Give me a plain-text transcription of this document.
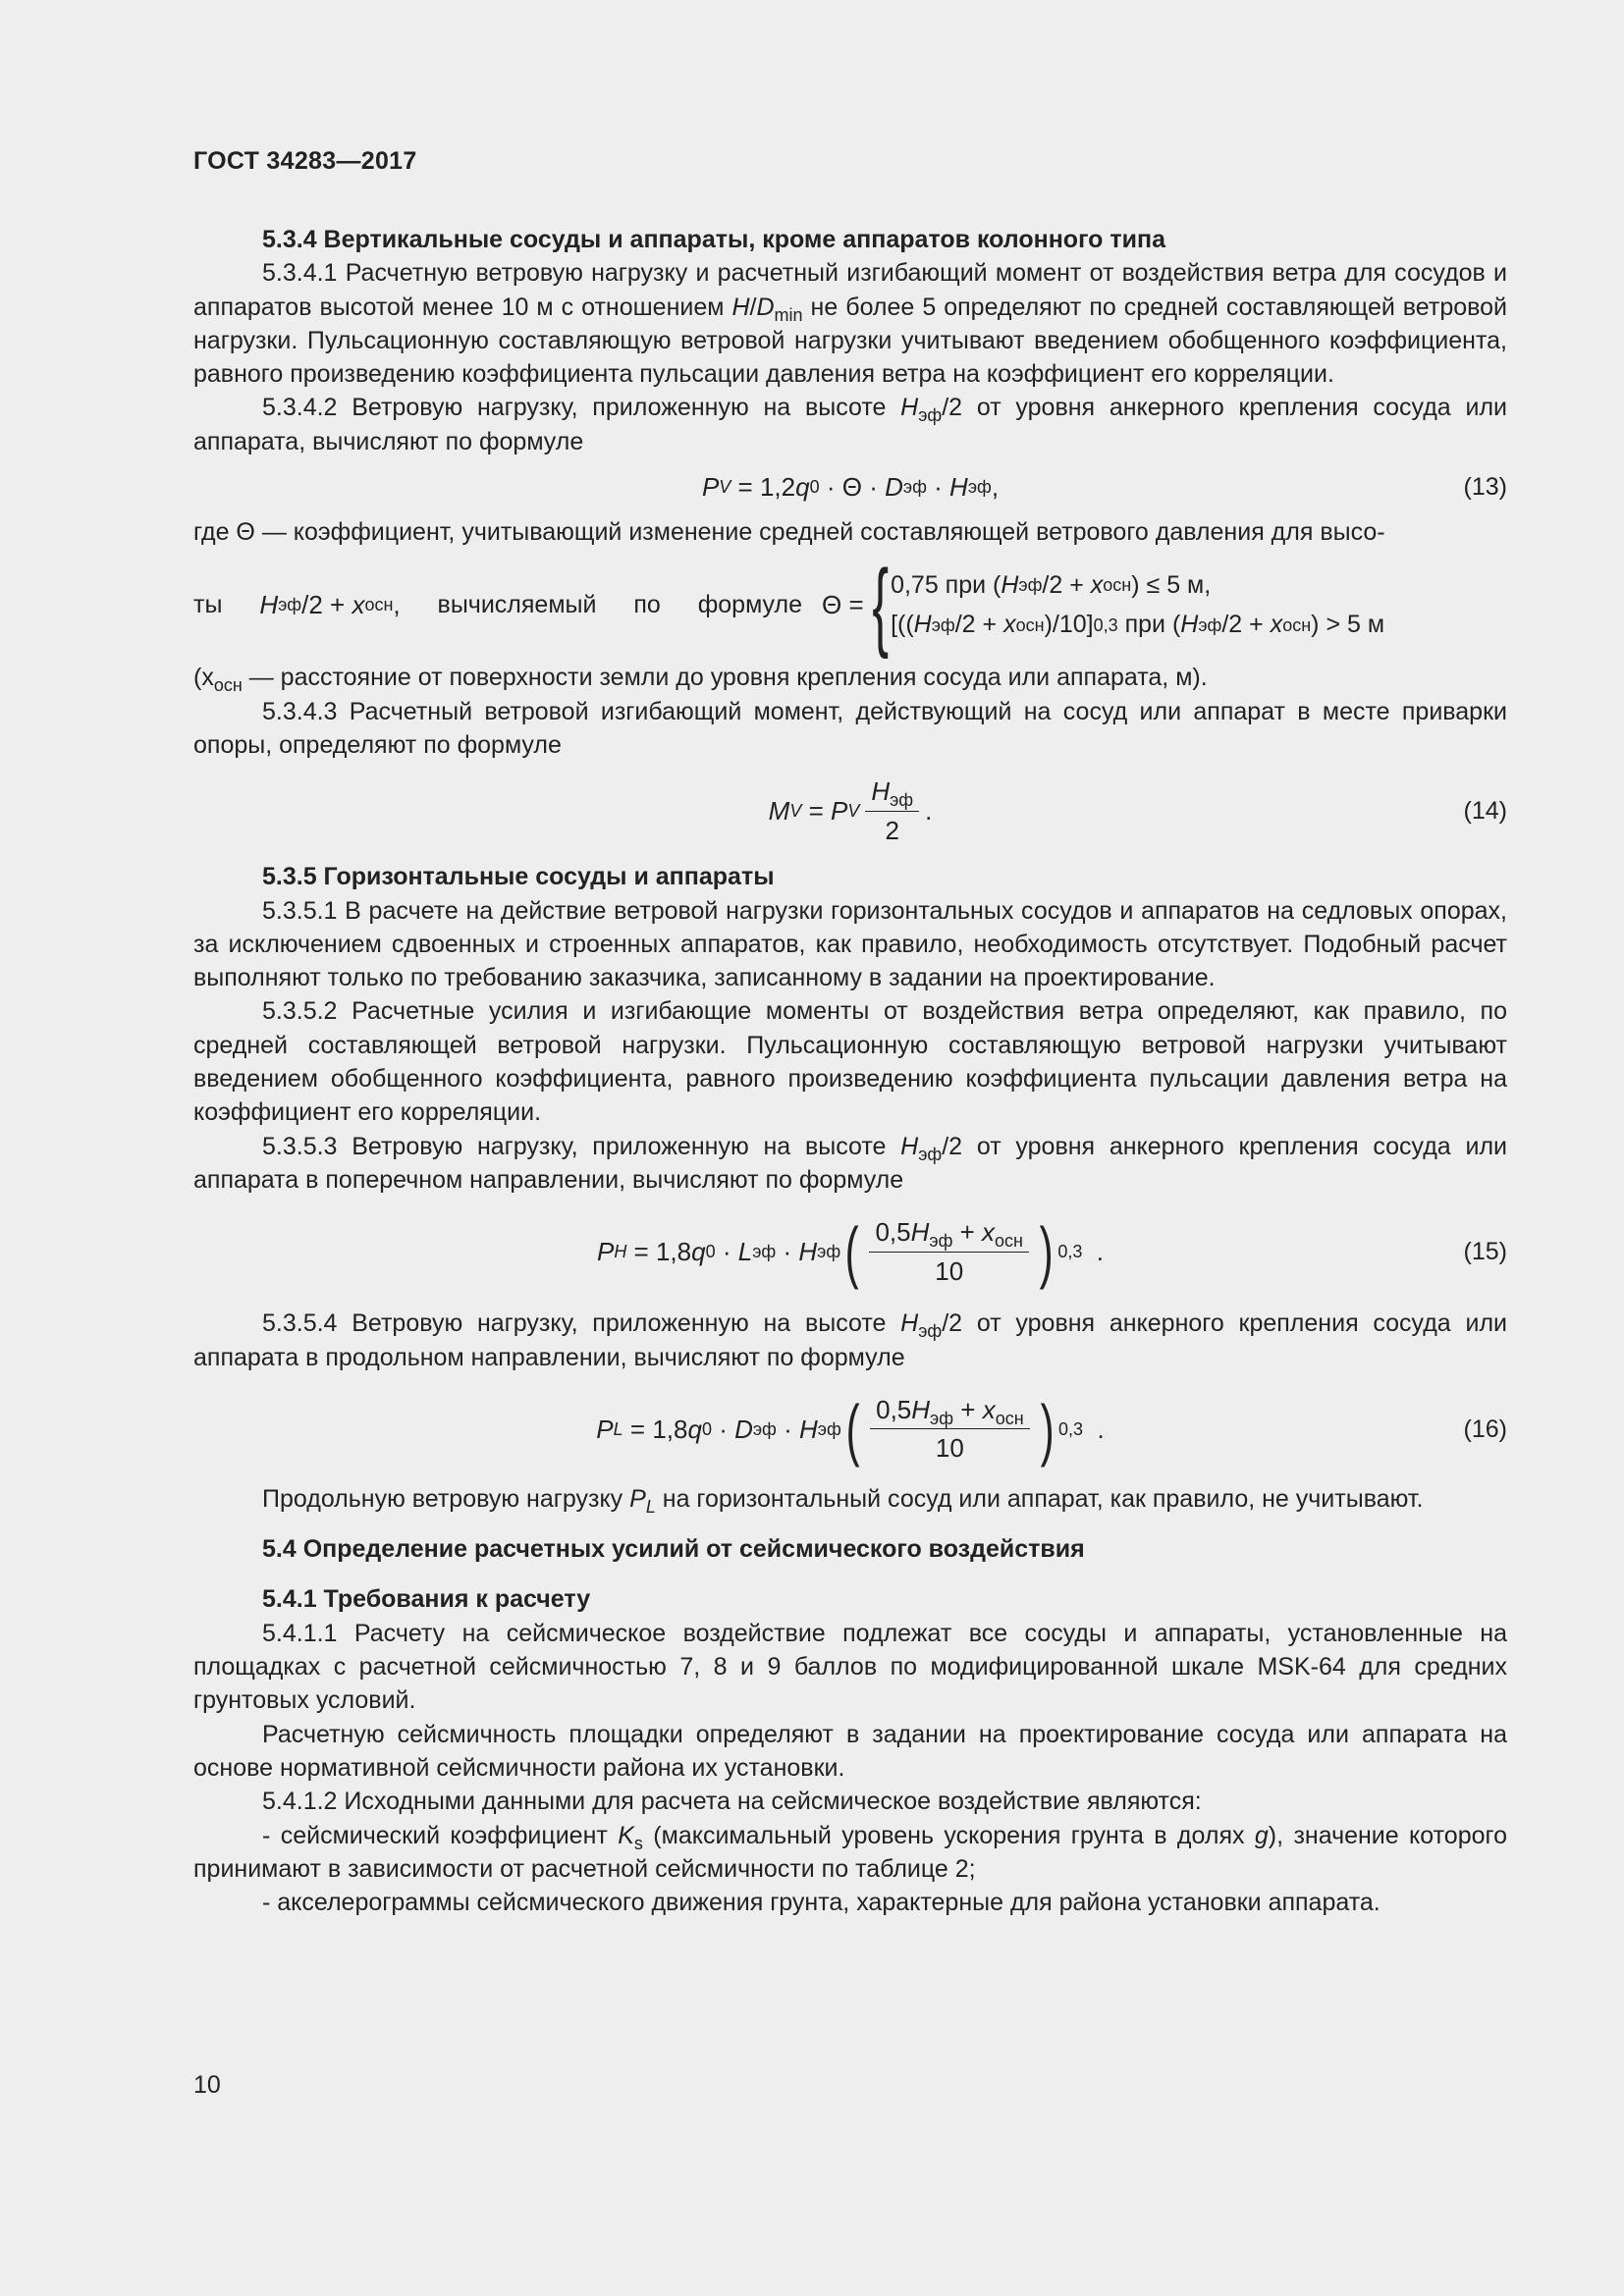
ГОСТ 34283—2017
5.3.4 Вертикальные сосуды и аппараты, кроме аппаратов колонного типа

5.3.4.1 Расчетную ветровую нагрузку и расчетный изгибающий момент от воздействия ветра для сосудов и аппаратов высотой менее 10 м с отношением $H/D_{min}$ не более 5 определяют по средней составляющей ветровой нагрузки. Пульсационную составляющую ветровой нагрузки учитывают введением обобщенного коэффициента, равного произведению коэффициента пульсации давления ветра на коэффициент его корреляции.

5.3.4.2 Ветровую нагрузку, приложенную на высоте $H_{эф}/2$ от уровня анкерного крепления сосуда или аппарата, вычисляют по формуле

P V
=
1,2 q 0
·
Θ
·
D эф
·
H эф ,	(13)

где Θ — коэффициент, учитывающий изменение средней составляющей ветрового давления для высо-

ты H эф /2
+
x осн , вычисляемый по формуле Θ
= { 0,75 при ( H эф /2
+
x осн ) ≤ 5 м,
[(( H эф /2
+
x осн ) /10 ] 0,3
при ( H эф /2
+
x осн ) > 5 м

($x_{осн}$ — расстояние от поверхности земли до уровня крепления сосуда или аппарата, м).

5.3.4.3 Расчетный ветровой изгибающий момент, действующий на сосуд или аппарат в месте приварки опоры, определяют по формуле

M V
=
P V $\frac{H_{эф}}{2}$ .	(14)
5.3.5 Горизонтальные сосуды и аппараты

5.3.5.1 В расчете на действие ветровой нагрузки горизонтальных сосудов и аппаратов на седловых опорах, за исключением сдвоенных и строенных аппаратов, как правило, необходимость отсутствует. Подобный расчет выполняют только по требованию заказчика, записанному в задании на проектирование.

5.3.5.2 Расчетные усилия и изгибающие моменты от воздействия ветра определяют, как правило, по средней составляющей ветровой нагрузки. Пульсационную составляющую ветровой нагрузки учитывают введением обобщенного коэффициента, равного произведению коэффициента пульсации давления ветра на коэффициент его корреляции.

5.3.5.3 Ветровую нагрузку, приложенную на высоте $H_{эф}/2$ от уровня анкерного крепления сосуда или аппарата в поперечном направлении, вычисляют по формуле

P H
=
1,8 q 0
·
L эф
·
H эф ( $\frac{0,5H_{эф} + x_{осн}}{10}$ ) 0,3
.	(15)

5.3.5.4 Ветровую нагрузку, приложенную на высоте $H_{эф}/2$ от уровня анкерного крепления сосуда или аппарата в продольном направлении, вычисляют по формуле

P L
=
1,8 q 0
·
D эф
·
H эф ( $\frac{0,5H_{эф} + x_{осн}}{10}$ ) 0,3
.	(16)

Продольную ветровую нагрузку $P_L$ на горизонтальный сосуд или аппарат, как правило, не учитывают.

5.4 Определение расчетных усилий от сейсмического воздействия
5.4.1 Требования к расчету

5.4.1.1 Расчету на сейсмическое воздействие подлежат все сосуды и аппараты, установленные на площадках с расчетной сейсмичностью 7, 8 и 9 баллов по модифицированной шкале MSK-64 для средних грунтовых условий.

Расчетную сейсмичность площадки определяют в задании на проектирование сосуда или аппарата на основе нормативной сейсмичности района их установки.

5.4.1.2 Исходными данными для расчета на сейсмическое воздействие являются:

- сейсмический коэффициент $K_s$ (максимальный уровень ускорения грунта в долях g), значение которого принимают в зависимости от расчетной сейсмичности по таблице 2;

- акселерограммы сейсмического движения грунта, характерные для района установки аппарата.

10
